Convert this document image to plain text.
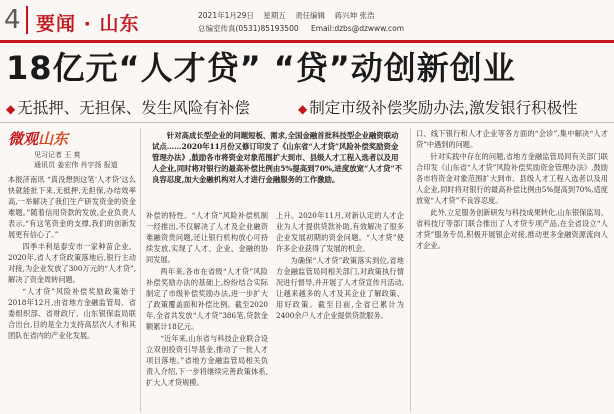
4 要闻 · 山东	2021年1月29日 星期五 责任编辑 蒋兴坤 张浩
总编室传真(0531)85193500 Email:dzbs@dzwww.com
18亿元“人才贷” “贷”动创新创业
◆ 无抵押、无担保、发生风险有补偿	◆ 制定市级补偿奖励办法,激发银行积极性
微观山东
见习记者 王 爽
通讯员 姜宏伟 肖宇扬 报道

针对高成长型企业的问题短板、需求,全国金融首批科技型企业融资联动试点……2020年11月份又修订印发了《山东省“人才贷”风险补偿奖励资金管理办法》,鼓励各市将资金对象范围扩大到市、县级人才工程入选者以及用人企业,同时将对银行的最高补偿比例由5%提高到70%,进度放宽“人才贷”不良容忍度,加大金融机构对人才进行金融服务的工作激励。

本报济南讯 “真没想到这笔‘人才贷’这么快就能批下来,无抵押,无担保,办结效率高,一举解决了我们生产研发资金的资金难题。”随着信用贷款的发放,企业负责人表示,“有这笔资金的支撑,我们的创新发展更有信心了。”

四季丰利是泰安市一家种苗企业。2020年,省人才贷政策落地后,银行主动对接,为企业发放了300万元的“人才贷”,解决了资金周转问题。

“人才贷”风险补偿奖励政策始于2018年12月,由省地方金融监管局、省委组织部、省财政厅、山东银保监局联合出台,目的是全力支持高层次人才和其团队在省内的产业化发展。

补偿的特性。“人才贷”风险补偿机制一经推出,不仅解决了人才及企业融资难融资贵问题,还让银行机构放心可持续发放,实现了人才、企业、金融的协同发展。

两年来,各市在省级“人才贷”风险补偿奖励办法的基础上,纷纷结合实际制定了市级补偿奖励办法,进一步扩大了政策覆盖面和补偿比例。截至2020年,全省共发放“人才贷”386笔,贷款金额累计18亿元。

“近年来,山东省与科技企业联合设立双创投资引导基金,推动了一批人才项目落地。”省地方金融监管局相关负责人介绍,下一步将继续完善政策体系,扩大人才贷规模。

上升。2020年11月,对新认定的人才企业为人才提供贷款补助,有效解决了很多企业发展初期的资金问题。“人才贷”使许多企业获得了发展的机会。

为确保“人才贷”政策落实到位,省地方金融监管局同相关部门,对政策执行情况进行督导,并开展了人才贷宣传月活动,让越来越多的人才及其企业了解政策、用好政策。截至目前,全省已累计为2400余户人才企业提供贷款服务。

口、线下银行和人才企业等各方面的“会诊”,集中解决“人才贷”中遇到的问题。

针对实践中存在的问题,省地方金融监管局同有关部门联合印发《山东省“人才贷”风险补偿奖励资金管理办法》,鼓励各市将资金对象范围扩大到市、县级人才工程入选者以及用人企业,同时将对银行的最高补偿比例由5%提高到70%,适度放宽“人才贷”不良容忍度。

此外,立足服务创新研发与科技成果转化,山东银保监局、省科技厅等部门联合推出了人才贷专项产品,在全省设立“人才贷”服务专员,积极开展银企对接,推动更多金融资源流向人才企业。
